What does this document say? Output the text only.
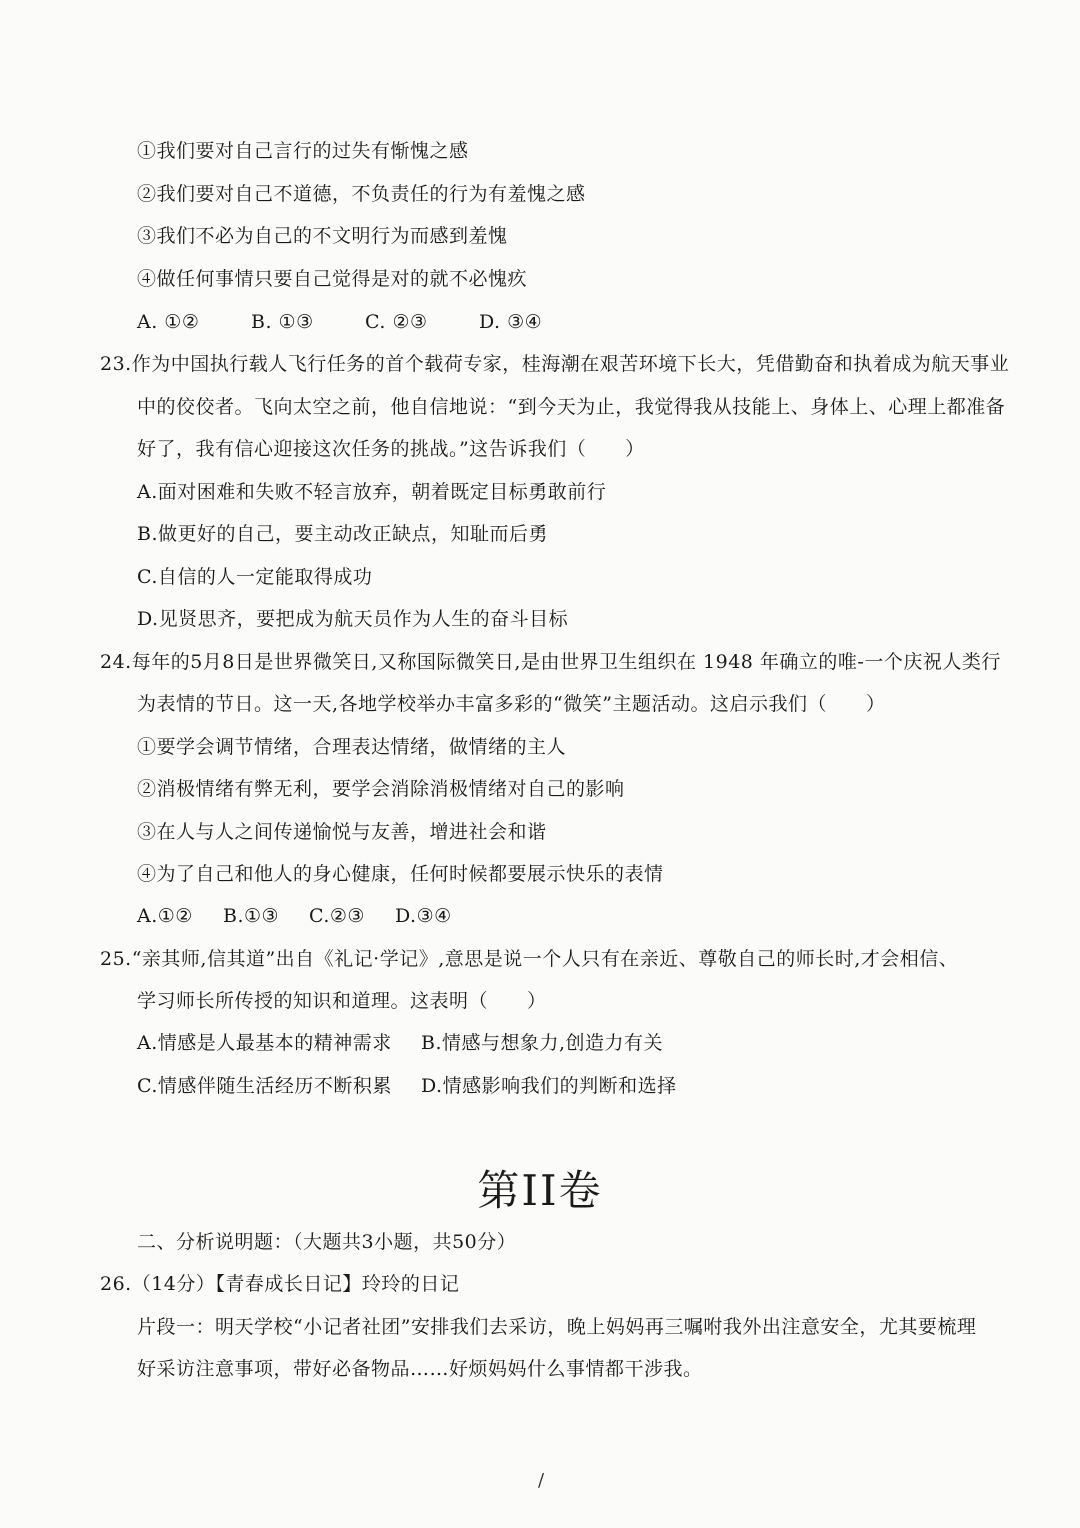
①我们要对自己言行的过失有惭愧之感
②我们要对自己不道德，不负责任的行为有羞愧之感
③我们不必为自己的不文明行为而感到羞愧
④做任何事情只要自己觉得是对的就不必愧疚
A. ①②	B. ①③	C. ②③	D. ③④
23.作为中国执行载人飞行任务的首个载荷专家，桂海潮在艰苦环境下长大，凭借勤奋和执着成为航天事业
中的佼佼者。飞向太空之前，他自信地说：“到今天为止，我觉得我从技能上、身体上、心理上都准备
好了，我有信心迎接这次任务的挑战。”这告诉我们（　　）
A.面对困难和失败不轻言放弃，朝着既定目标勇敢前行
B.做更好的自己，要主动改正缺点，知耻而后勇
C.自信的人一定能取得成功
D.见贤思齐，要把成为航天员作为人生的奋斗目标
24.每年的5月8日是世界微笑日,又称国际微笑日,是由世界卫生组织在 1948 年确立的唯-一个庆祝人类行
为表情的节日。这一天,各地学校举办丰富多彩的“微笑”主题活动。这启示我们（　　）
①要学会调节情绪，合理表达情绪，做情绪的主人
②消极情绪有弊无利，要学会消除消极情绪对自己的影响
③在人与人之间传递愉悦与友善，增进社会和谐
④为了自己和他人的身心健康，任何时候都要展示快乐的表情
A.①② B.①③ C.②③ D.③④
25.“亲其师,信其道”出自《礼记·学记》,意思是说一个人只有在亲近、尊敬自己的师长时,才会相信、
学习师长所传授的知识和道理。这表明（　　）
A.情感是人最基本的精神需求 B.情感与想象力,创造力有关
C.情感伴随生活经历不断积累 D.情感影响我们的判断和选择
第II卷
二、分析说明题：（大题共3小题，共50分）
26.（14分）【青春成长日记】玲玲的日记
片段一：明天学校“小记者社团”安排我们去采访，晚上妈妈再三嘱咐我外出注意安全，尤其要梳理
好采访注意事项，带好必备物品……好烦妈妈什么事情都干涉我。
/
